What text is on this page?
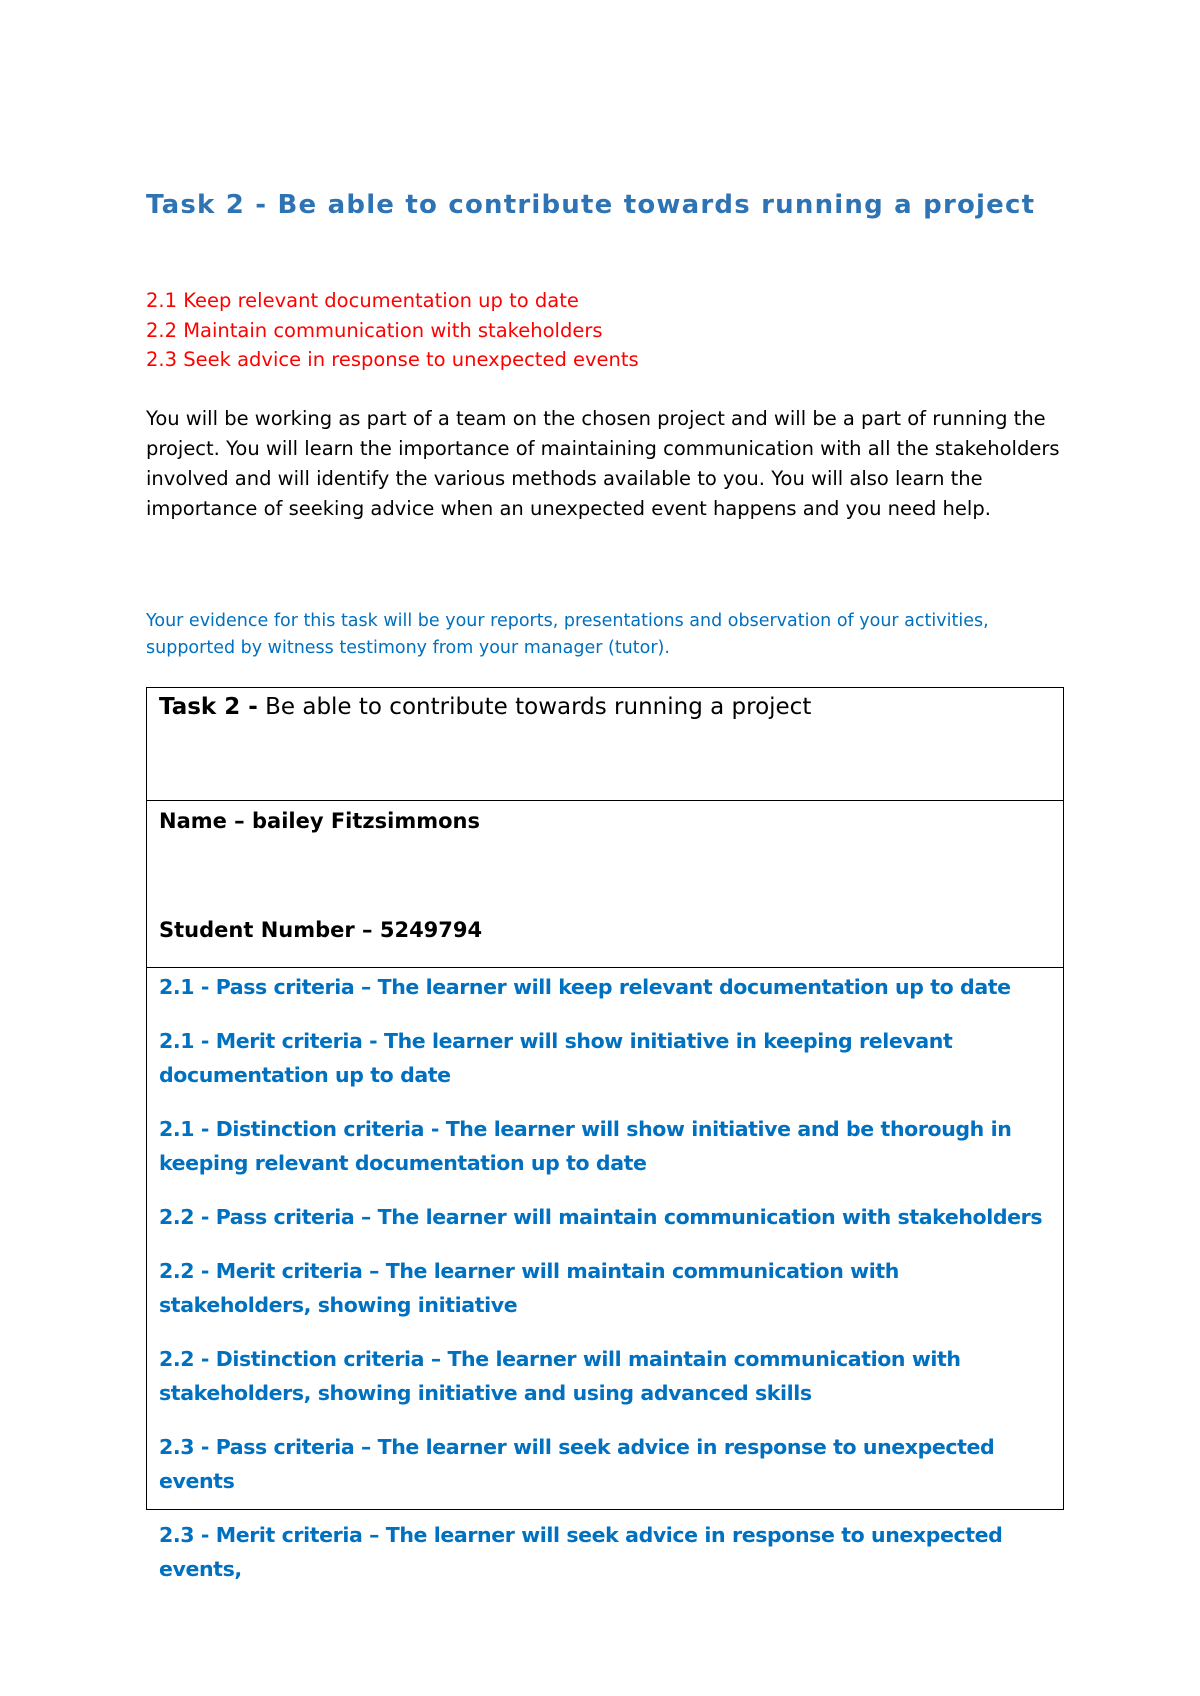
Task 2 - Be able to contribute towards running a project
2.1 Keep relevant documentation up to date
2.2 Maintain communication with stakeholders
2.3 Seek advice in response to unexpected events

You will be working as part of a team on the chosen project and will be a part of running the project. You will learn the importance of maintaining communication with all the stakeholders involved and will identify the various methods available to you. You will also learn the importance of seeking advice when an unexpected event happens and you need help.

Your evidence for this task will be your reports, presentations and observation of your activities, supported by witness testimony from your manager (tutor).

Task 2 - Be able to contribute towards running a project
Name – bailey Fitzsimmons
Student Number – 5249794

2.1 - Pass criteria – The learner will keep relevant documentation up to date

2.1 - Merit criteria - The learner will show initiative in keeping relevant documentation up to date

2.1 - Distinction criteria - The learner will show initiative and be thorough in keeping relevant documentation up to date

2.2 - Pass criteria – The learner will maintain communication with stakeholders

2.2 - Merit criteria – The learner will maintain communication with stakeholders, showing initiative

2.2 - Distinction criteria – The learner will maintain communication with stakeholders, showing initiative and using advanced skills

2.3 - Pass criteria – The learner will seek advice in response to unexpected events

2.3 - Merit criteria – The learner will seek advice in response to unexpected events,
